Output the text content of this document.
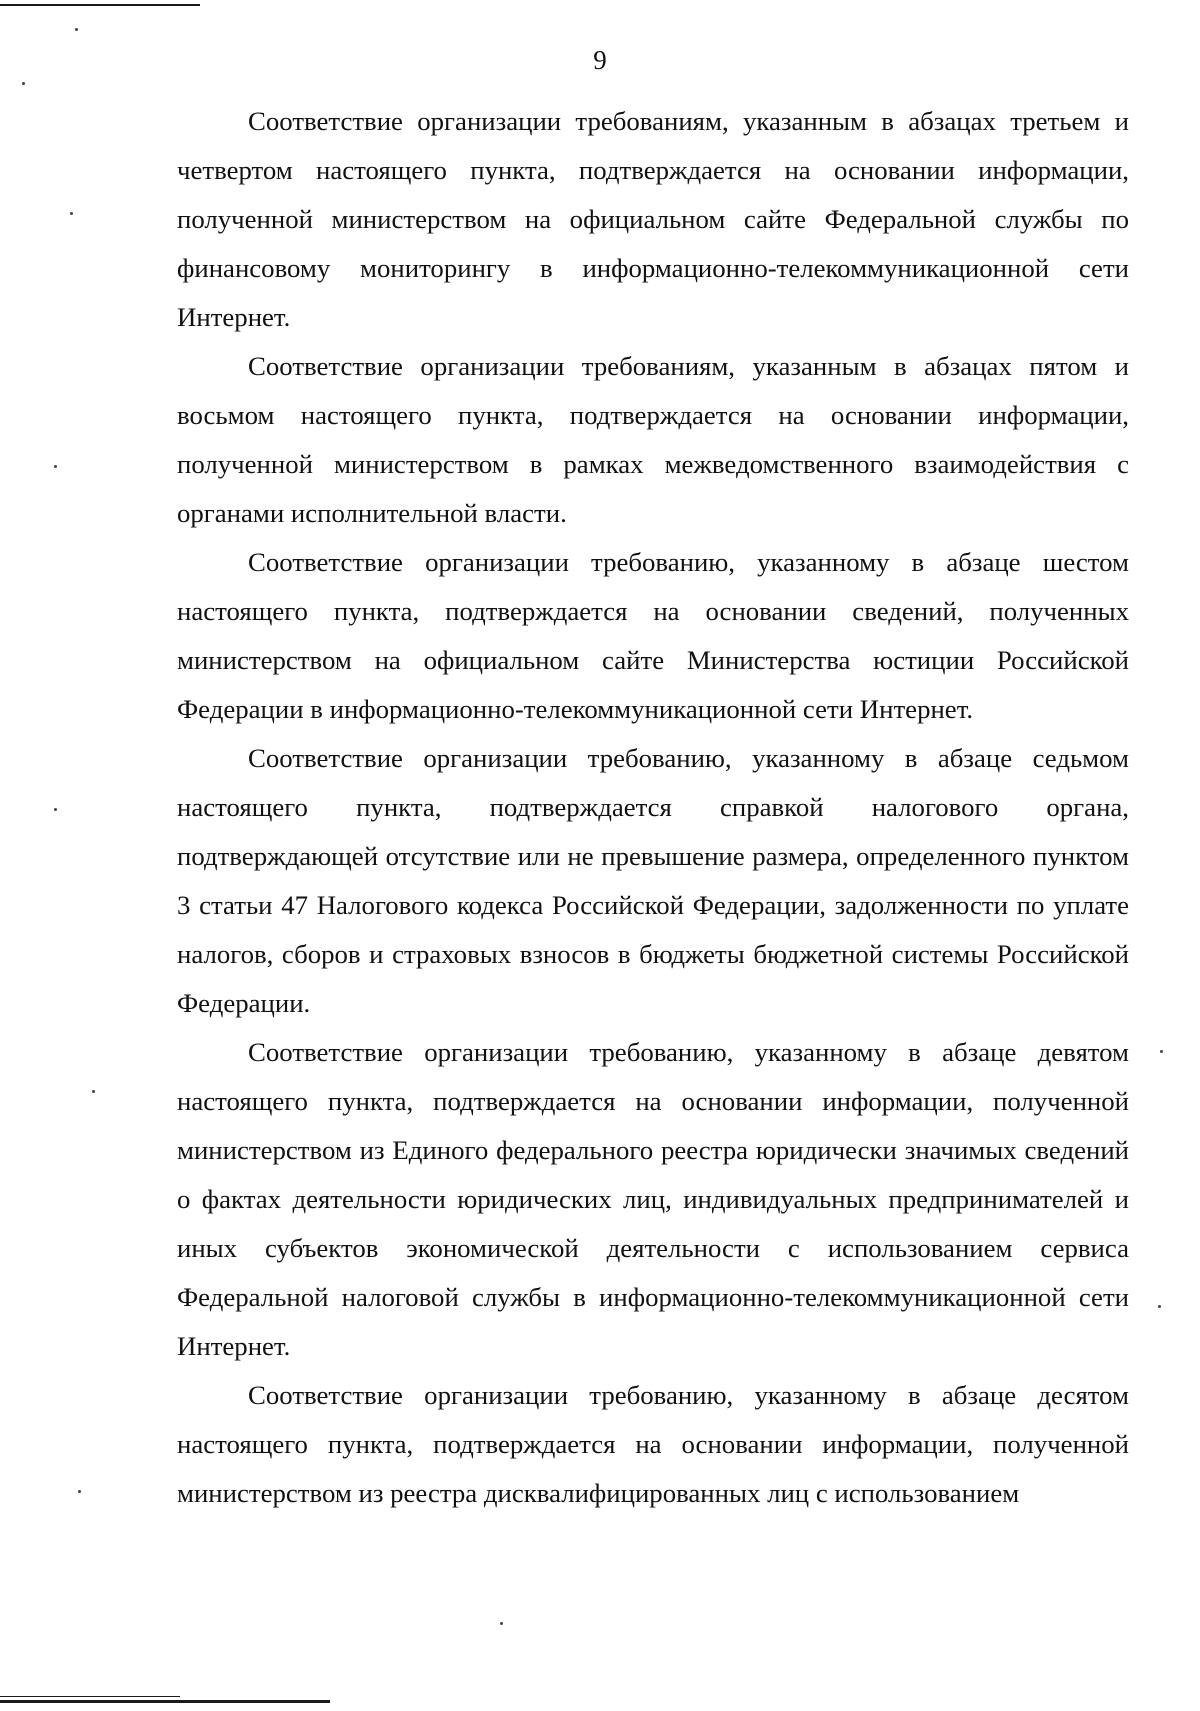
9

Соответствие организации требованиям, указанным в абзацах третьем и четвертом настоящего пункта, подтверждается на основании информации, полученной министерством на официальном сайте Федеральной службы по финансовому мониторингу в информационно-телекоммуникационной сети Интернет.

Соответствие организации требованиям, указанным в абзацах пятом и восьмом настоящего пункта, подтверждается на основании информации, полученной министерством в рамках межведомственного взаимодействия с органами исполнительной власти.

Соответствие организации требованию, указанному в абзаце шестом настоящего пункта, подтверждается на основании сведений, полученных министерством на официальном сайте Министерства юстиции Российской Федерации в информационно-телекоммуникационной сети Интернет.

Соответствие организации требованию, указанному в абзаце седьмом настоящего пункта, подтверждается справкой налогового органа, подтверждающей отсутствие или не превышение размера, определенного пунктом 3 статьи 47 Налогового кодекса Российской Федерации, задолженности по уплате налогов, сборов и страховых взносов в бюджеты бюджетной системы Российской Федерации.

Соответствие организации требованию, указанному в абзаце девятом настоящего пункта, подтверждается на основании информации, полученной министерством из Единого федерального реестра юридически значимых сведений о фактах деятельности юридических лиц, индивидуальных предпринимателей и иных субъектов экономической деятельности с использованием сервиса Федеральной налоговой службы в информационно-телекоммуникационной сети Интернет.

Соответствие организации требованию, указанному в абзаце десятом настоящего пункта, подтверждается на основании информации, полученной министерством из реестра дисквалифицированных лиц с использованием
